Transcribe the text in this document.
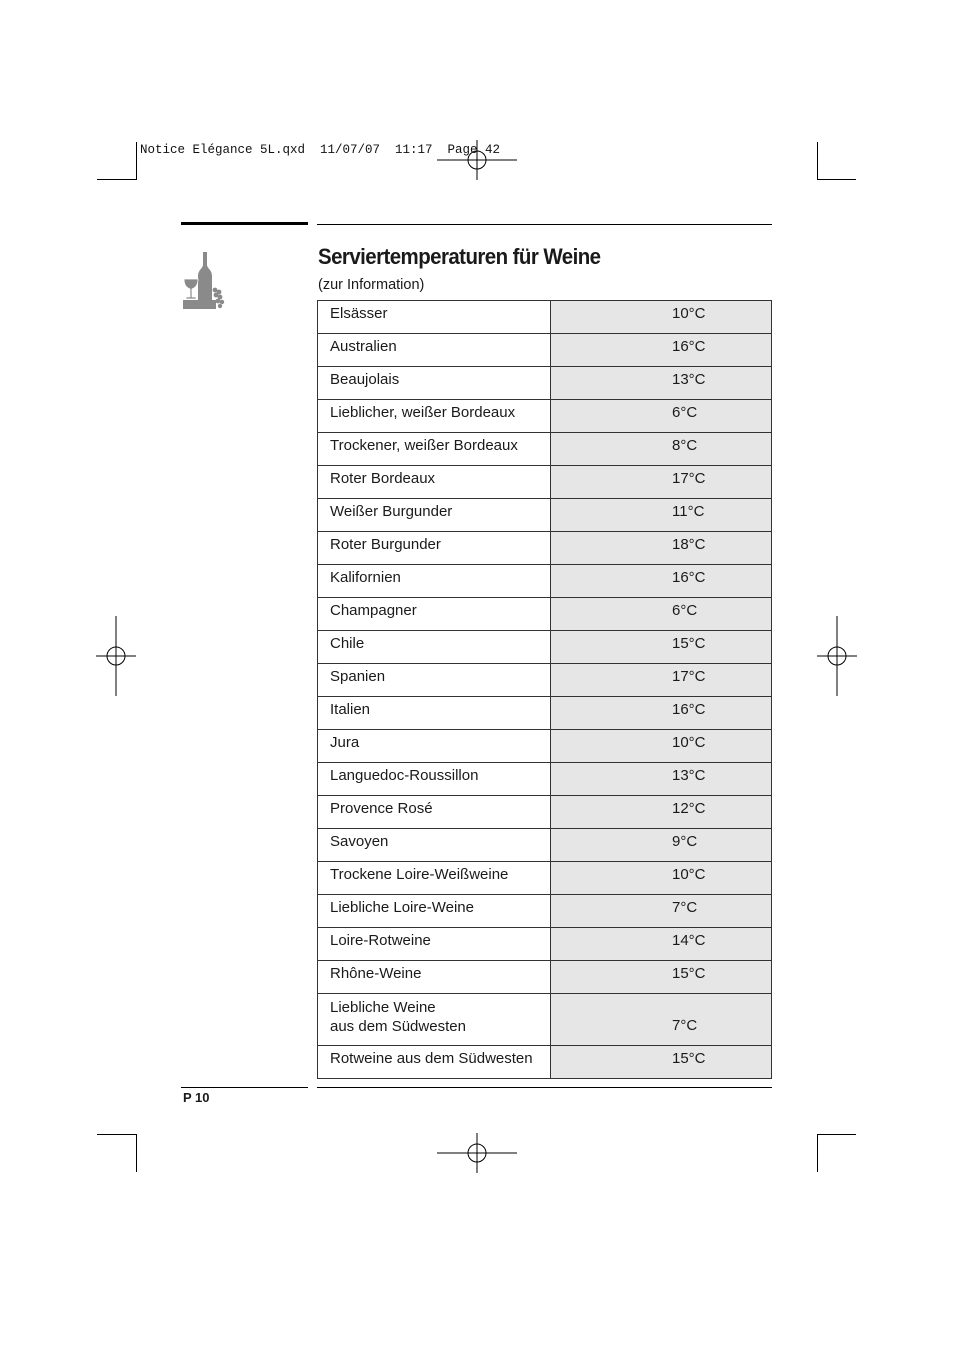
Notice Elégance 5L.qxd  11/07/07  11:17  Page 42
Serviertemperaturen für Weine
(zur Information)
Elsässer	10°C
Australien	16°C
Beaujolais	13°C
Lieblicher, weißer Bordeaux	6°C
Trockener, weißer Bordeaux	8°C
Roter Bordeaux	17°C
Weißer Burgunder	11°C
Roter Burgunder	18°C
Kalifornien	16°C
Champagner	6°C
Chile	15°C
Spanien	17°C
Italien	16°C
Jura	10°C
Languedoc-Roussillon	13°C
Provence Rosé	12°C
Savoyen	9°C
Trockene Loire-Weißweine	10°C
Liebliche Loire-Weine	7°C
Loire-Rotweine	14°C
Rhône-Weine	15°C

Liebliche Weine
aus dem Südwesten	7°C
Rotweine aus dem Südwesten	15°C
P 10
